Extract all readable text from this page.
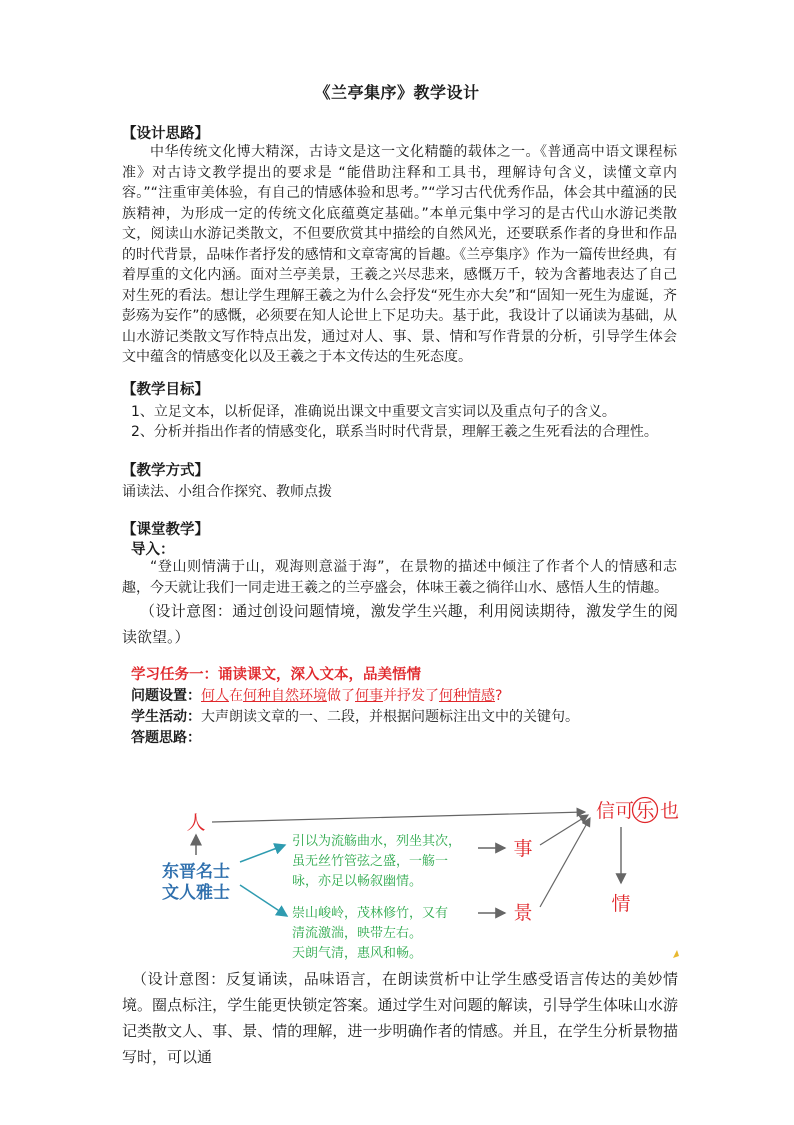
《兰亭集序》教学设计
【设计思路】

中华传统文化博大精深，古诗文是这一文化精髓的载体之一。《普通高中语文课程标准》对古诗文教学提出的要求是 “能借助注释和工具书，理解诗句含义，读懂文章内容。”“注重审美体验，有自己的情感体验和思考。”“学习古代优秀作品，体会其中蕴涵的民族精神，为形成一定的传统文化底蕴奠定基础。”本单元集中学习的是古代山水游记类散文，阅读山水游记类散文，不但要欣赏其中描绘的自然风光，还要联系作者的身世和作品的时代背景，品味作者抒发的感情和文章寄寓的旨趣。《兰亭集序》作为一篇传世经典，有着厚重的文化内涵。面对兰亭美景，王羲之兴尽悲来，感慨万千，较为含蓄地表达了自己对生死的看法。想让学生理解王羲之为什么会抒发“死生亦大矣”和“固知一死生为虚诞，齐彭殇为妄作”的感慨，必须要在知人论世上下足功夫。基于此，我设计了以诵读为基础，从山水游记类散文写作特点出发，通过对人、事、景、情和写作背景的分析，引导学生体会文中蕴含的情感变化以及王羲之于本文传达的生死态度。

【教学目标】
1、立足文本，以析促译，准确说出课文中重要文言实词以及重点句子的含义。
2、分析并指出作者的情感变化，联系当时时代背景，理解王羲之生死看法的合理性。
【教学方式】
诵读法、小组合作探究、教师点拨
【课堂教学】
导入：

“登山则情满于山，观海则意溢于海”，在景物的描述中倾注了作者个人的情感和志趣，今天就让我们一同走进王羲之的兰亭盛会，体味王羲之徜徉山水、感悟人生的情趣。

（设计意图：通过创设问题情境，激发学生兴趣，利用阅读期待，激发学生的阅读欲望。）

学习任务一：诵读课文，深入文本，品美悟情
问题设置：何人在何种自然环境做了何事并抒发了何种情感?
学生活动：大声朗读文章的一、二段，并根据问题标注出文中的关键句。
答题思路：
人
东晋名士
文人雅士
引以为流觞曲水，列坐其次，
虽无丝竹管弦之盛，一觞一
咏，亦足以畅叙幽情。
事
崇山峻岭，茂林修竹，又有
清流激湍，映带左右。
天朗气清，惠风和畅。
景
信可 乐 也
情

（设计意图：反复诵读，品味语言，在朗读赏析中让学生感受语言传达的美妙情境。圈点标注，学生能更快锁定答案。通过学生对问题的解读，引导学生体味山水游记类散文人、事、景、情的理解，进一步明确作者的情感。并且，在学生分析景物描写时，可以通
